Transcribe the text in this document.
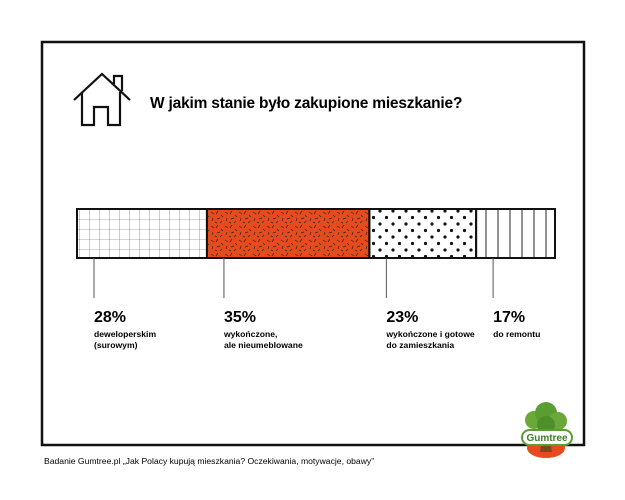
W jakim stanie było zakupione mieszkanie?
28%
deweloperskim
(surowym)
35%
wykończone,
ale nieumeblowane
23%
wykończone i gotowe
do zamieszkania
17%
do remontu
Badanie Gumtree.pl „Jak Polacy kupują mieszkania? Oczekiwania, motywacje, obawy”
Gumtree
